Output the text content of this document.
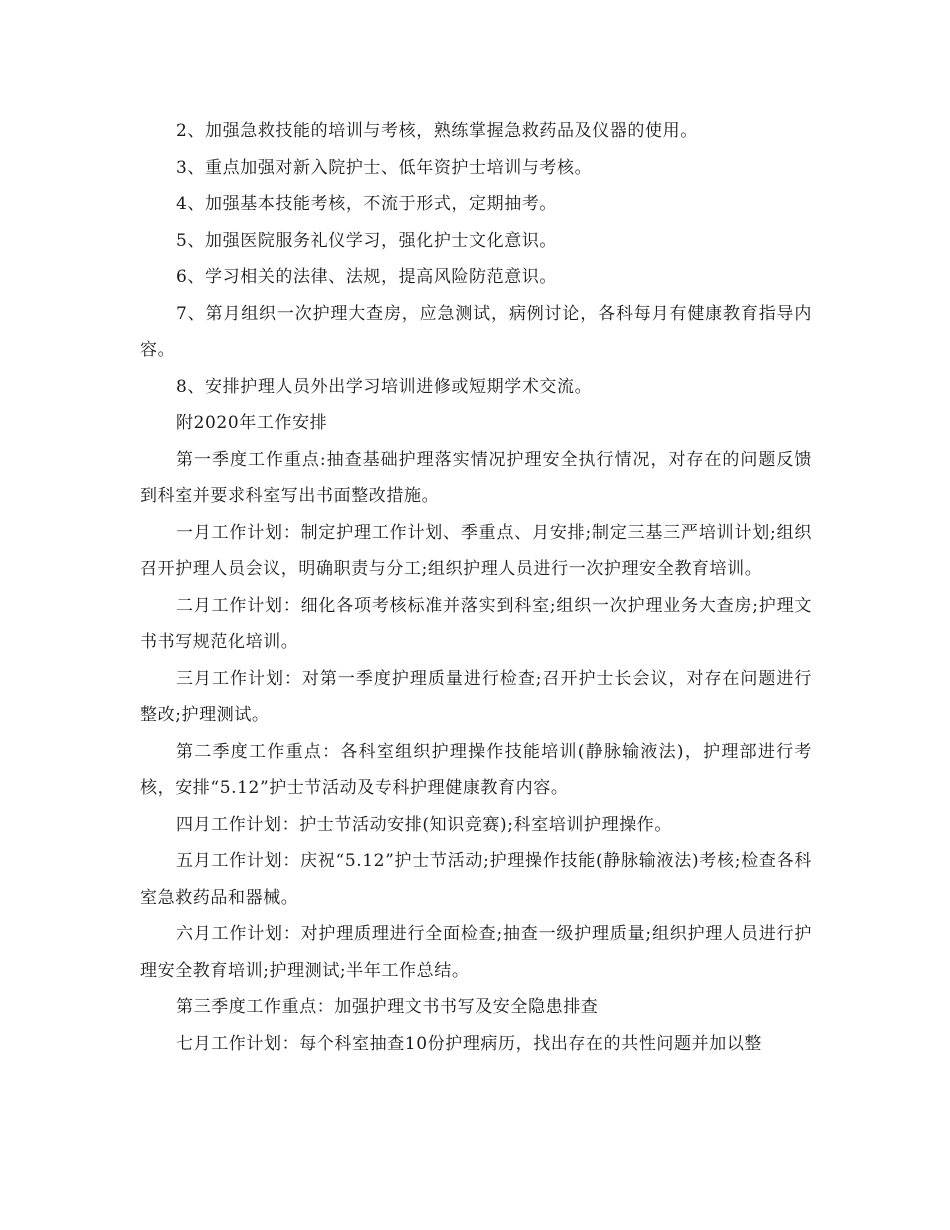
2、加强急救技能的培训与考核，熟练掌握急救药品及仪器的使用。

3、重点加强对新入院护士、低年资护士培训与考核。

4、加强基本技能考核，不流于形式，定期抽考。

5、加强医院服务礼仪学习，强化护士文化意识。

6、学习相关的法律、法规，提高风险防范意识。

7、第月组织一次护理大查房，应急测试，病例讨论，各科每月有健康教育指导内容。

8、安排护理人员外出学习培训进修或短期学术交流。

附2020年工作安排

第一季度工作重点:抽查基础护理落实情况护理安全执行情况，对存在的问题反馈到科室并要求科室写出书面整改措施。

一月工作计划：制定护理工作计划、季重点、月安排;制定三基三严培训计划;组织召开护理人员会议，明确职责与分工;组织护理人员进行一次护理安全教育培训。

二月工作计划：细化各项考核标准并落实到科室;组织一次护理业务大查房;护理文书书写规范化培训。

三月工作计划：对第一季度护理质量进行检查;召开护士长会议，对存在问题进行整改;护理测试。

第二季度工作重点：各科室组织护理操作技能培训(静脉输液法)，护理部进行考核，安排“5.12”护士节活动及专科护理健康教育内容。

四月工作计划：护士节活动安排(知识竞赛);科室培训护理操作。

五月工作计划：庆祝“5.12”护士节活动;护理操作技能(静脉输液法)考核;检查各科室急救药品和器械。

六月工作计划：对护理质理进行全面检查;抽查一级护理质量;组织护理人员进行护理安全教育培训;护理测试;半年工作总结。

第三季度工作重点：加强护理文书书写及安全隐患排查

七月工作计划：每个科室抽查10份护理病历，找出存在的共性问题并加以整
